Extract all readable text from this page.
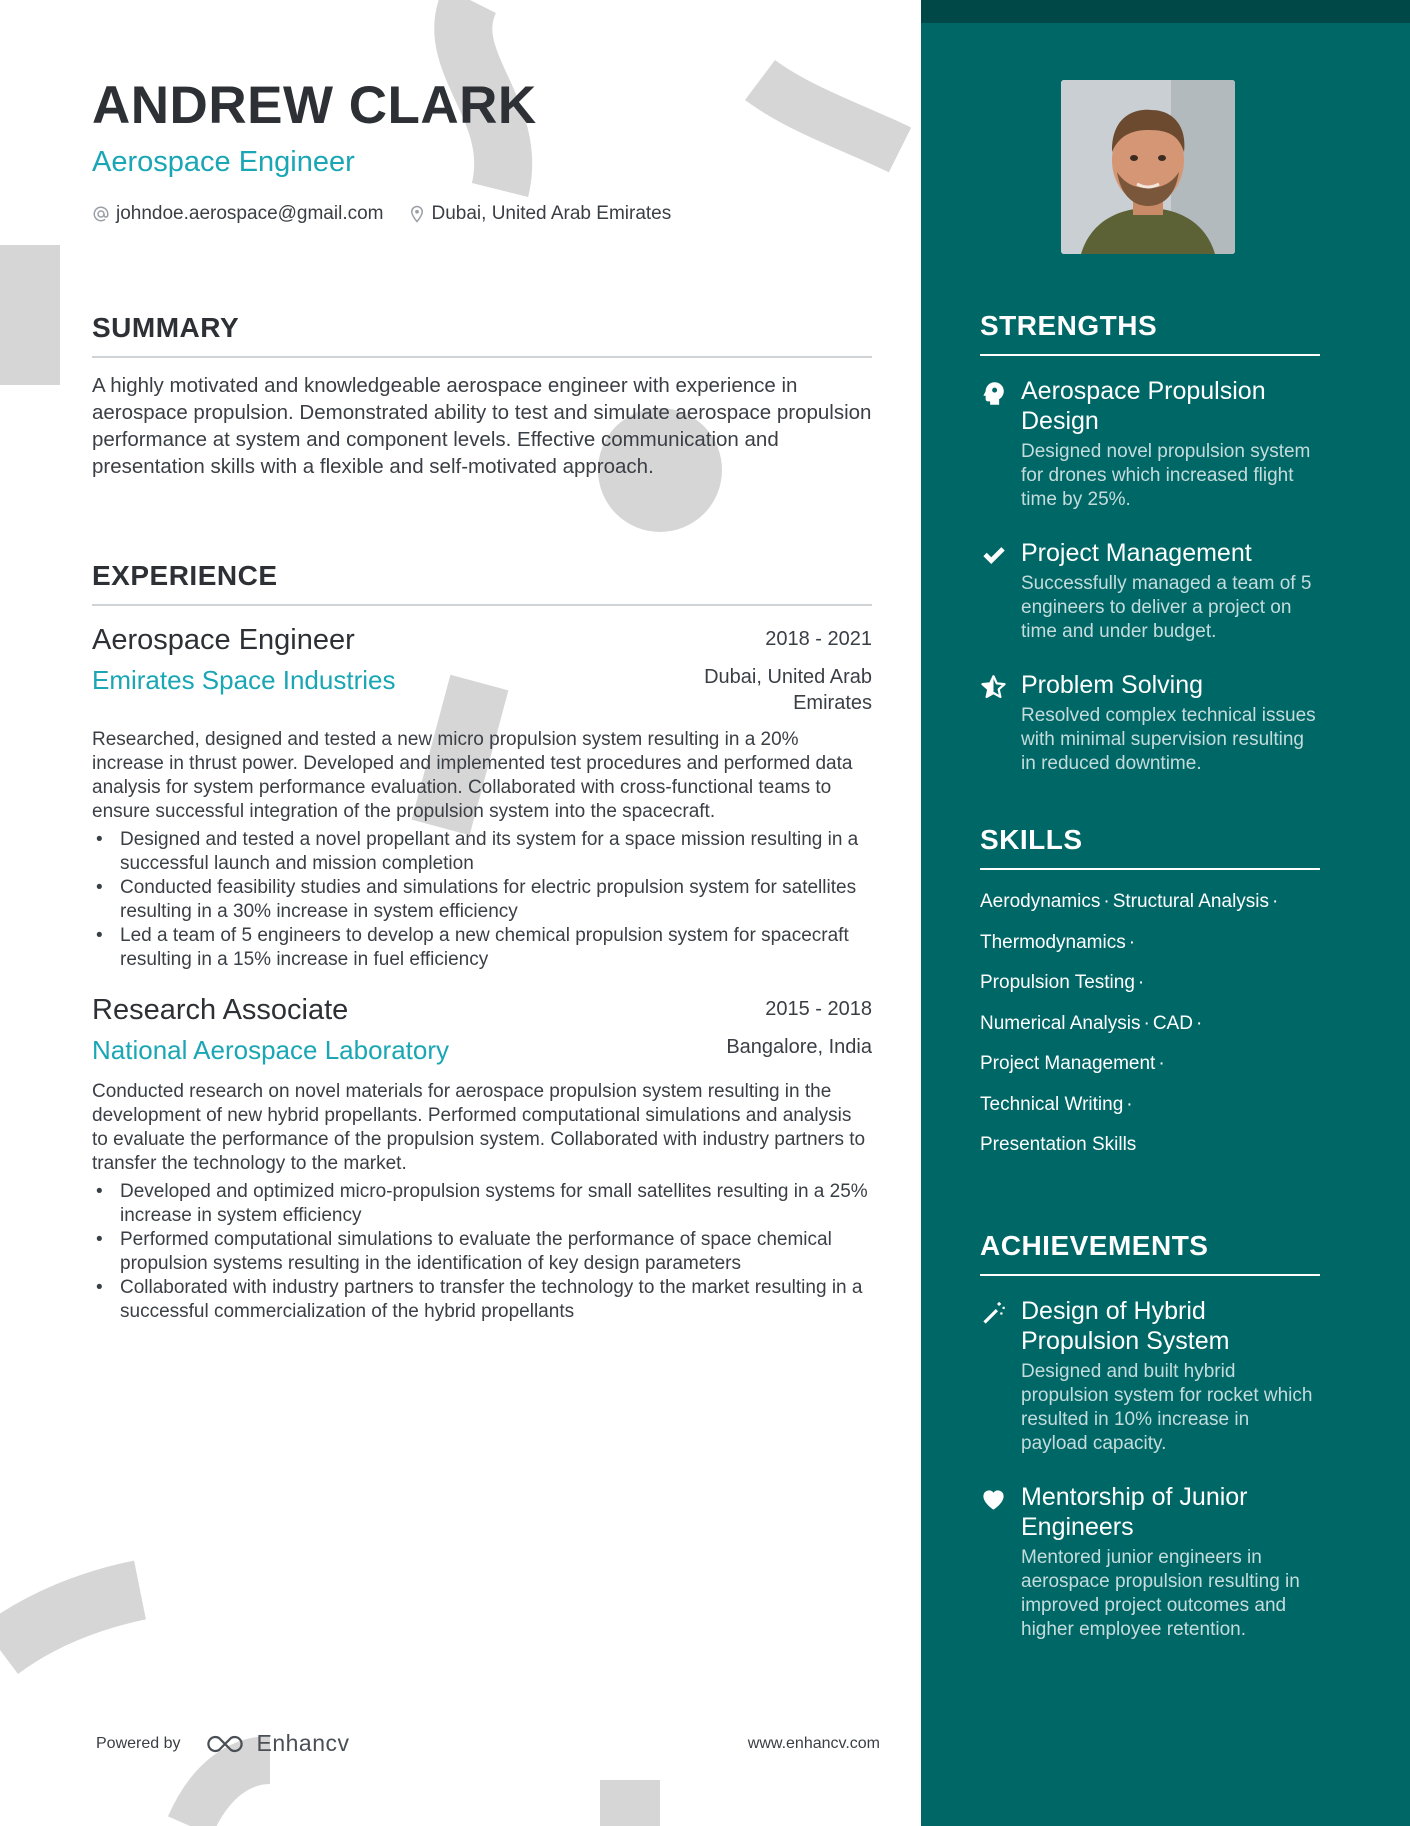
ANDREW CLARK
Aerospace Engineer
johndoe.aerospace@gmail.com	Dubai, United Arab Emirates
SUMMARY
A highly motivated and knowledgeable aerospace engineer with experience in aerospace propulsion. Demonstrated ability to test and simulate aerospace propulsion performance at system and component levels. Effective communication and presentation skills with a flexible and self-motivated approach.
EXPERIENCE
Aerospace Engineer	2018 - 2021
Emirates Space Industries	Dubai, United Arab
Emirates
Researched, designed and tested a new micro propulsion system resulting in a 20% increase in thrust power. Developed and implemented test procedures and performed data analysis for system performance evaluation. Collaborated with cross-functional teams to ensure successful integration of the propulsion system into the spacecraft.
• Designed and tested a novel propellant and its system for a space mission resulting in a successful launch and mission completion
• Conducted feasibility studies and simulations for electric propulsion system for satellites resulting in a 30% increase in system efficiency
• Led a team of 5 engineers to develop a new chemical propulsion system for spacecraft resulting in a 15% increase in fuel efficiency
Research Associate	2015 - 2018
National Aerospace Laboratory	Bangalore, India
Conducted research on novel materials for aerospace propulsion system resulting in the development of new hybrid propellants. Performed computational simulations and analysis to evaluate the performance of the propulsion system. Collaborated with industry partners to transfer the technology to the market.
• Developed and optimized micro-propulsion systems for small satellites resulting in a 25% increase in system efficiency
• Performed computational simulations to evaluate the performance of space chemical propulsion systems resulting in the identification of key design parameters
• Collaborated with industry partners to transfer the technology to the market resulting in a successful commercialization of the hybrid propellants
Powered by	Enhancv	www.enhancv.com
STRENGTHS
Aerospace Propulsion Design
Designed novel propulsion system for drones which increased flight time by 25%.
Project Management
Successfully managed a team of 5 engineers to deliver a project on time and under budget.
Problem Solving
Resolved complex technical issues with minimal supervision resulting in reduced downtime.
SKILLS
Aerodynamics · Structural Analysis ·
Thermodynamics ·
Propulsion Testing ·
Numerical Analysis · CAD ·
Project Management ·
Technical Writing ·
Presentation Skills
ACHIEVEMENTS
Design of Hybrid Propulsion System
Designed and built hybrid propulsion system for rocket which resulted in 10% increase in payload capacity.
Mentorship of Junior Engineers
Mentored junior engineers in aerospace propulsion resulting in improved project outcomes and higher employee retention.
